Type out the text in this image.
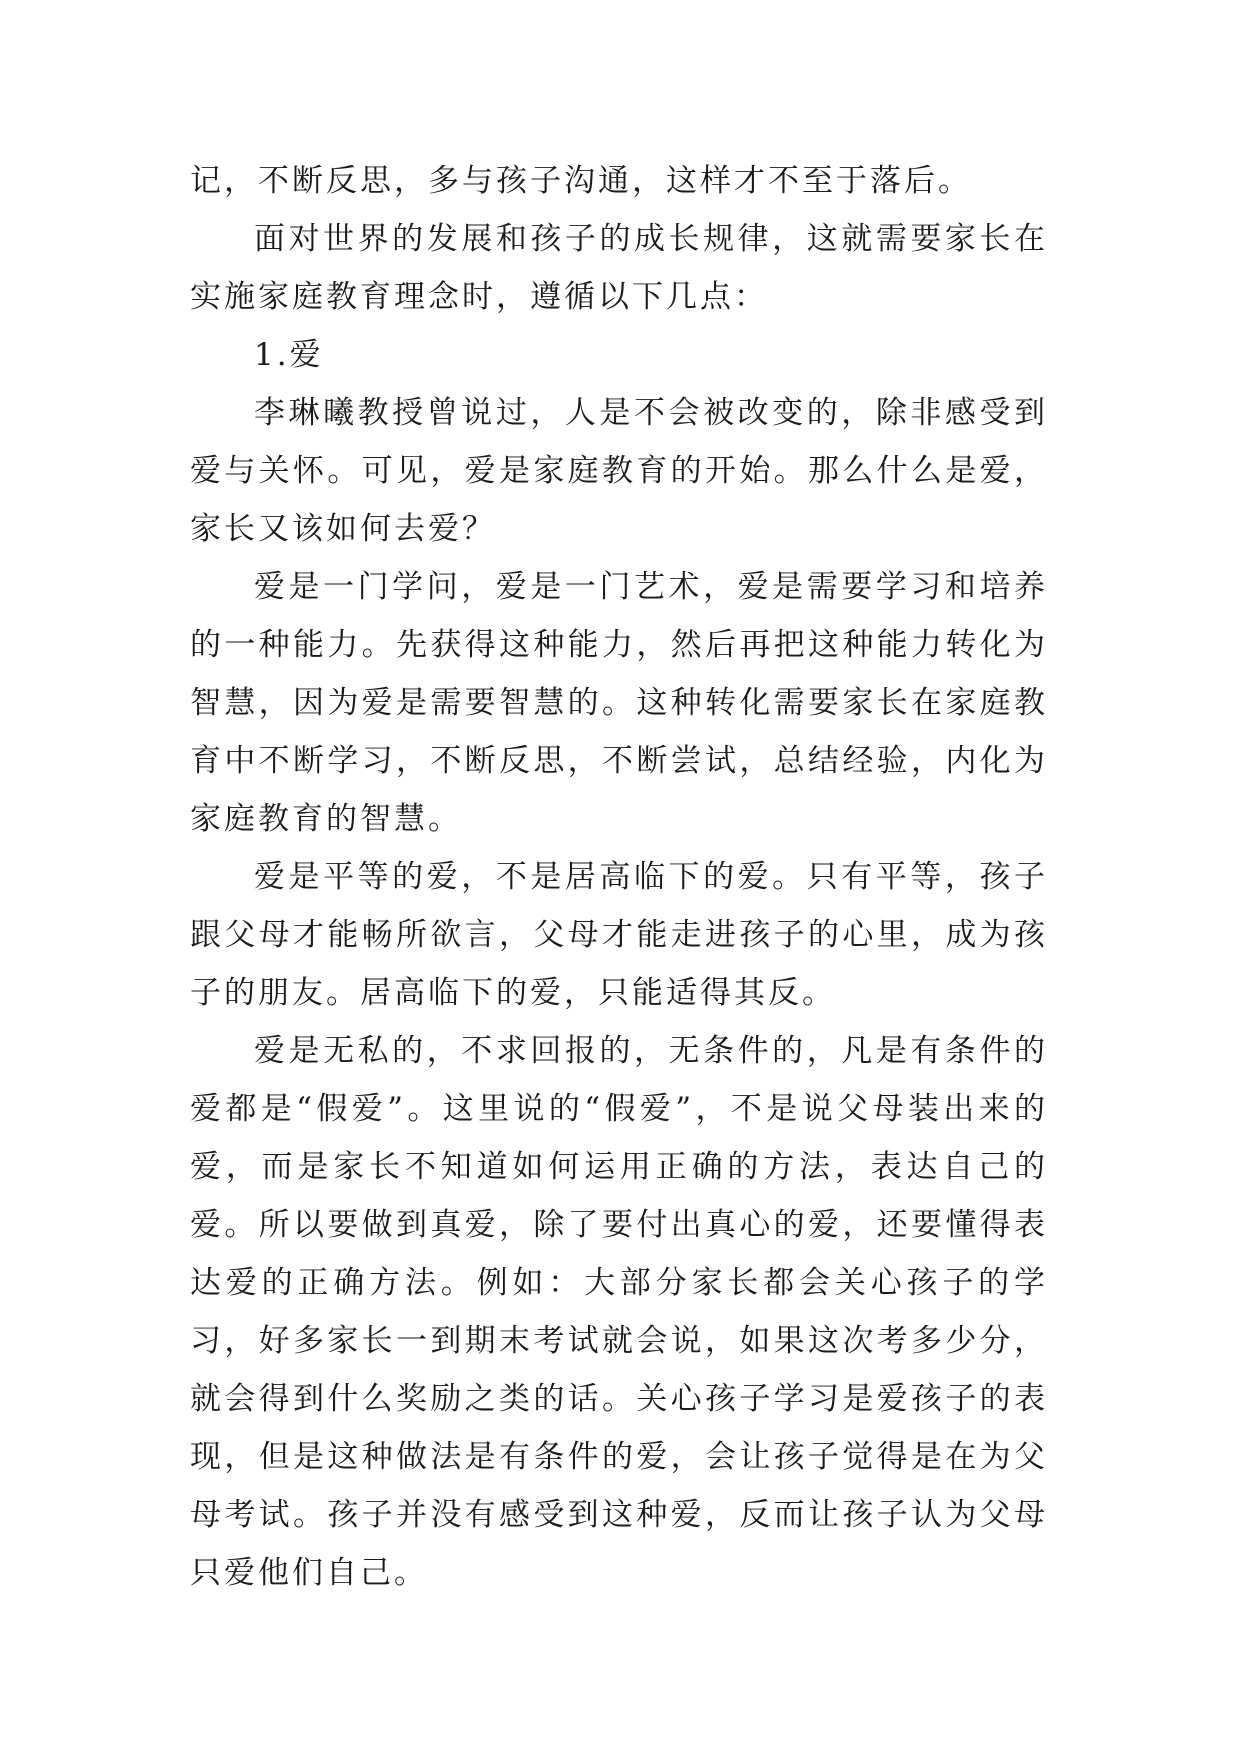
记，不断反思，多与孩子沟通，这样才不至于落后。

面对世界的发展和孩子的成长规律，这就需要家长在实施家庭教育理念时，遵循以下几点：

1.爱

李琳曦教授曾说过，人是不会被改变的，除非感受到爱与关怀。可见，爱是家庭教育的开始。那么什么是爱，家长又该如何去爱？

爱是一门学问，爱是一门艺术，爱是需要学习和培养的一种能力。先获得这种能力，然后再把这种能力转化为智慧，因为爱是需要智慧的。这种转化需要家长在家庭教育中不断学习，不断反思，不断尝试，总结经验，内化为家庭教育的智慧。

爱是平等的爱，不是居高临下的爱。只有平等，孩子跟父母才能畅所欲言，父母才能走进孩子的心里，成为孩子的朋友。居高临下的爱，只能适得其反。

爱是无私的，不求回报的，无条件的，凡是有条件的爱都是“假爱”。这里说的“假爱”，不是说父母装出来的爱，而是家长不知道如何运用正确的方法，表达自己的爱。所以要做到真爱，除了要付出真心的爱，还要懂得表达爱的正确方法。例如：大部分家长都会关心孩子的学习，好多家长一到期末考试就会说，如果这次考多少分，就会得到什么奖励之类的话。关心孩子学习是爱孩子的表现，但是这种做法是有条件的爱，会让孩子觉得是在为父母考试。孩子并没有感受到这种爱，反而让孩子认为父母只爱他们自己。
